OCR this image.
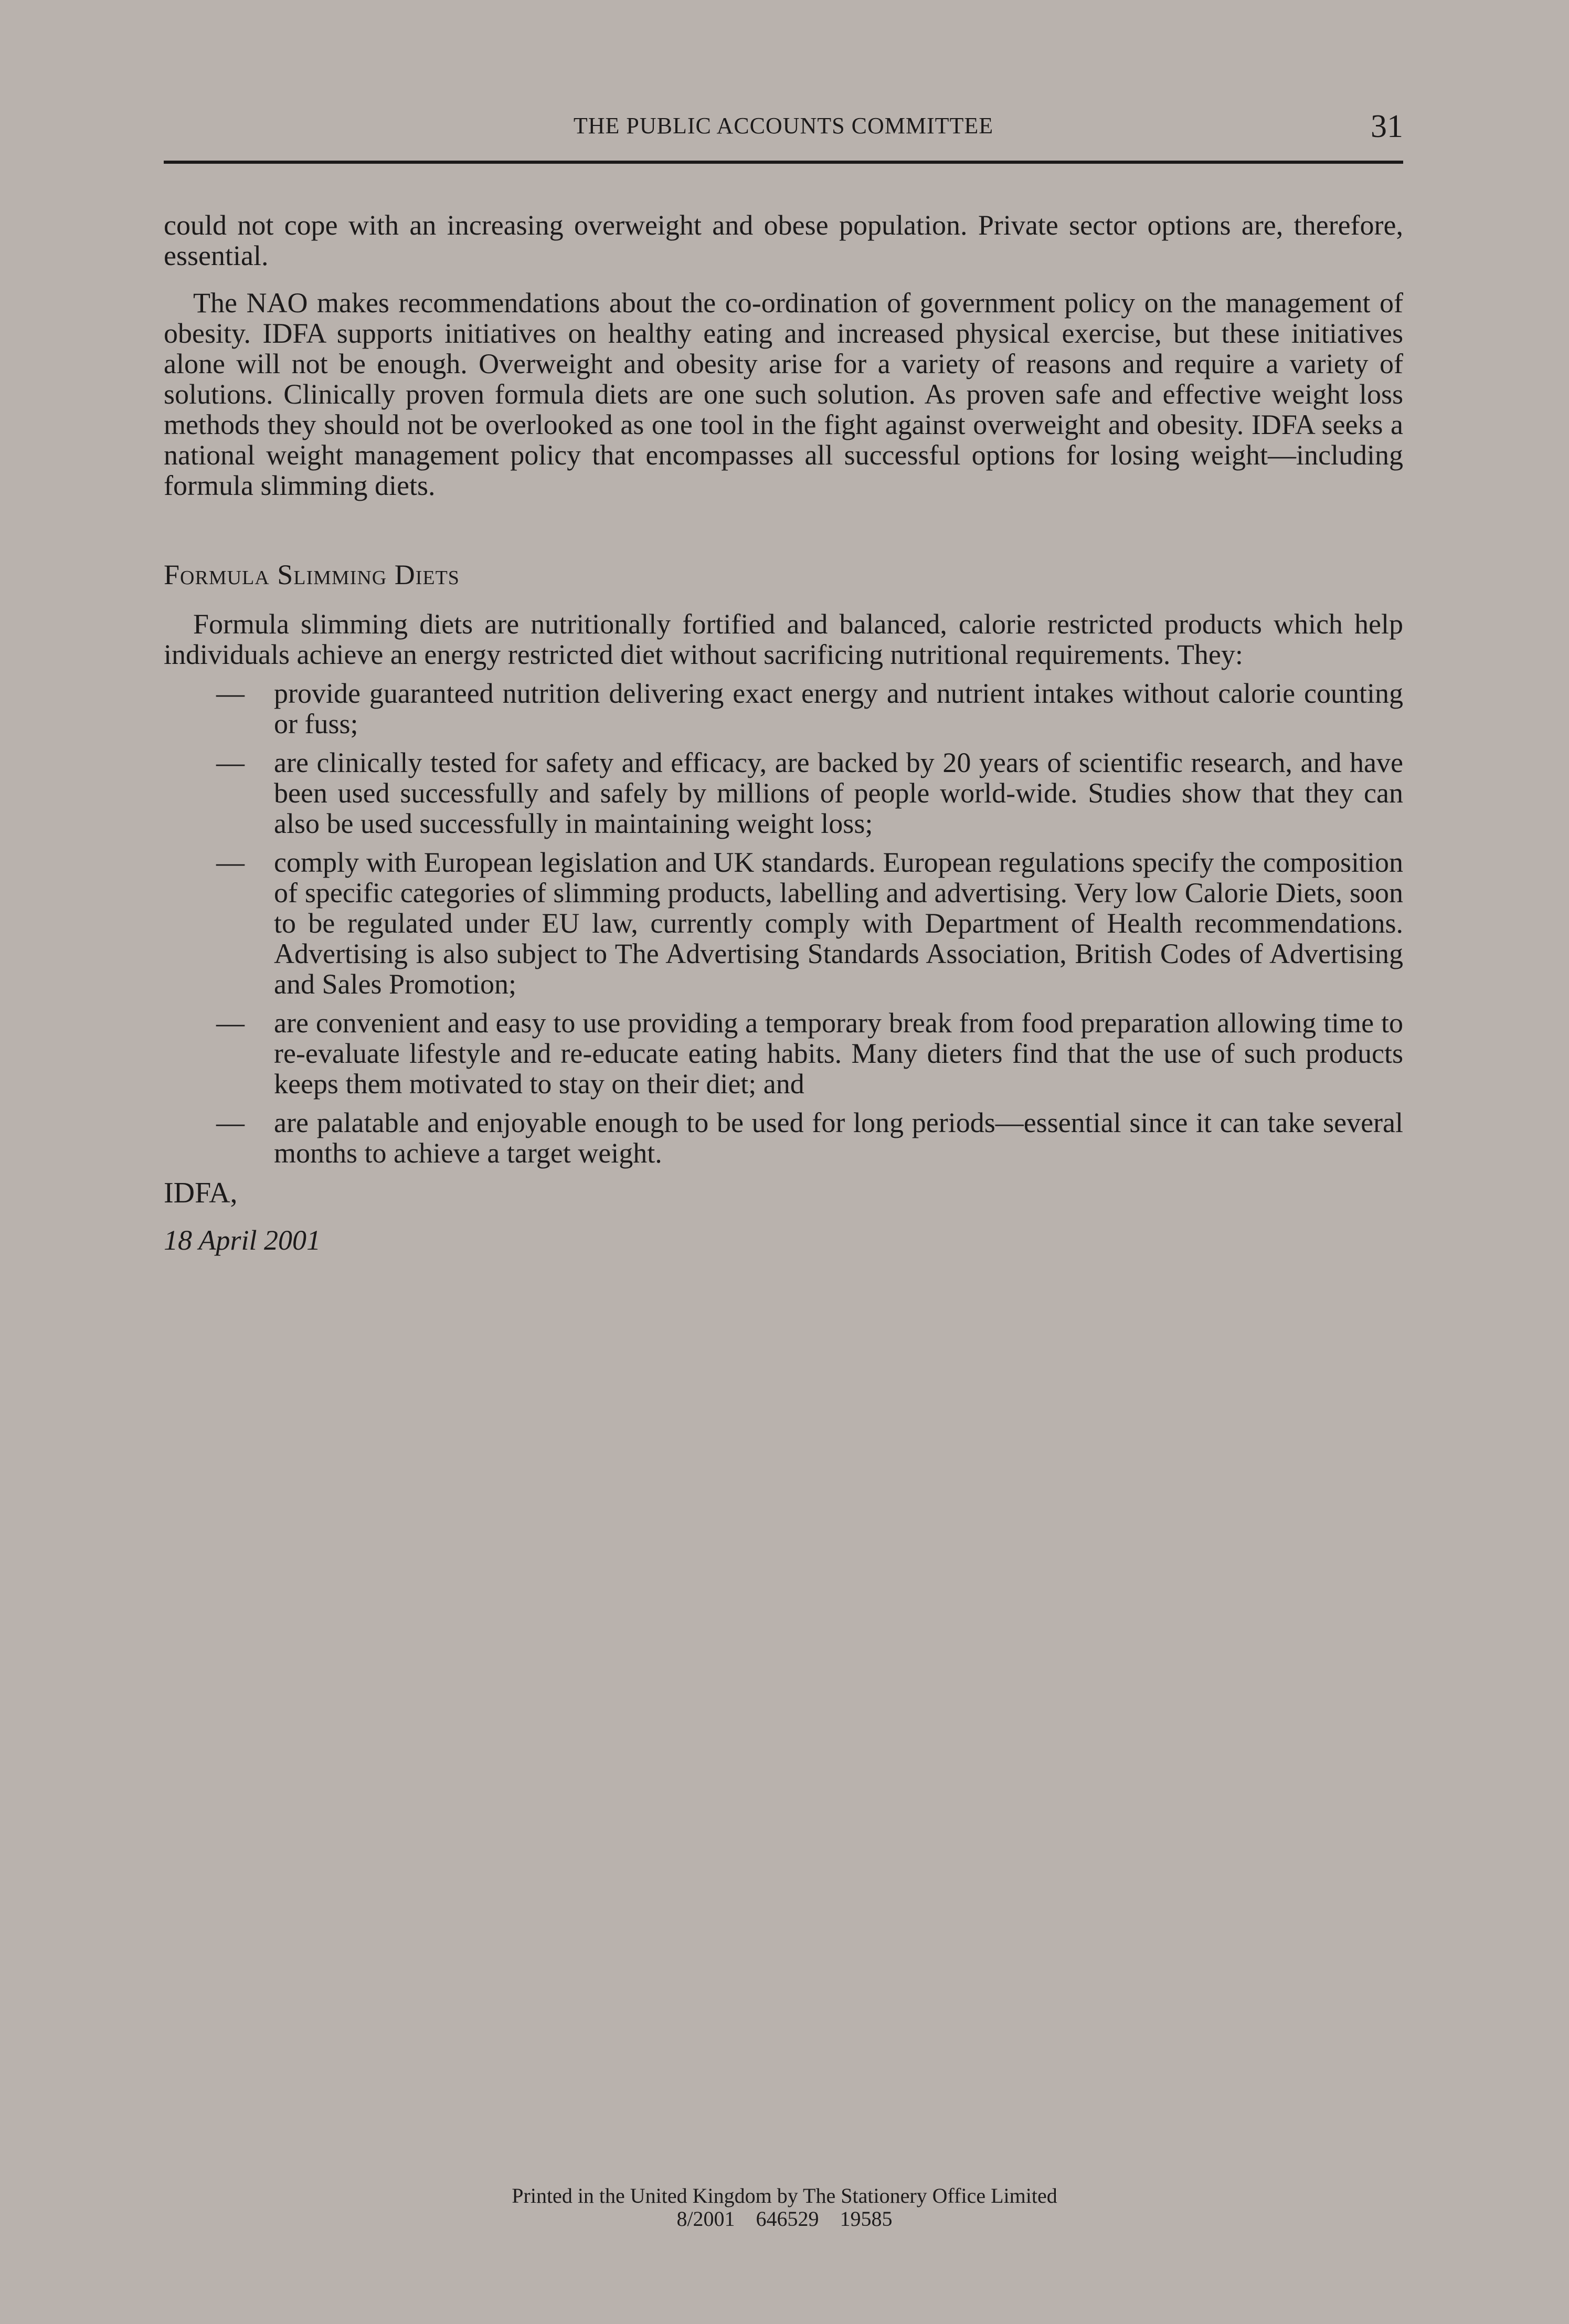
THE PUBLIC ACCOUNTS COMMITTEE	31

could not cope with an increasing overweight and obese population. Private sector options are, therefore, essential.

The NAO makes recommendations about the co-ordination of government policy on the management of obesity. IDFA supports initiatives on healthy eating and increased physical exercise, but these initiatives alone will not be enough. Overweight and obesity arise for a variety of reasons and require a variety of solutions. Clinically proven formula diets are one such solution. As proven safe and effective weight loss methods they should not be overlooked as one tool in the fight against overweight and obesity. IDFA seeks a national weight management policy that encompasses all successful options for losing weight—including formula slimming diets.

Formula Slimming Diets

Formula slimming diets are nutritionally fortified and balanced, calorie restricted products which help individuals achieve an energy restricted diet without sacrificing nutritional requirements. They:

— provide guaranteed nutrition delivering exact energy and nutrient intakes without calorie counting or fuss;
— are clinically tested for safety and efficacy, are backed by 20 years of scientific research, and have been used successfully and safely by millions of people world-wide. Studies show that they can also be used successfully in maintaining weight loss;
— comply with European legislation and UK standards. European regulations specify the composition of specific categories of slimming products, labelling and advertising. Very low Calorie Diets, soon to be regulated under EU law, currently comply with Department of Health recommendations. Advertising is also subject to The Advertising Standards Association, British Codes of Advertising and Sales Promotion;
— are convenient and easy to use providing a temporary break from food preparation allowing time to re-evaluate lifestyle and re-educate eating habits. Many dieters find that the use of such products keeps them motivated to stay on their diet; and
— are palatable and enjoyable enough to be used for long periods—essential since it can take several months to achieve a target weight.
IDFA,
18 April 2001
Printed in the United Kingdom by The Stationery Office Limited
8/2001    646529    19585
